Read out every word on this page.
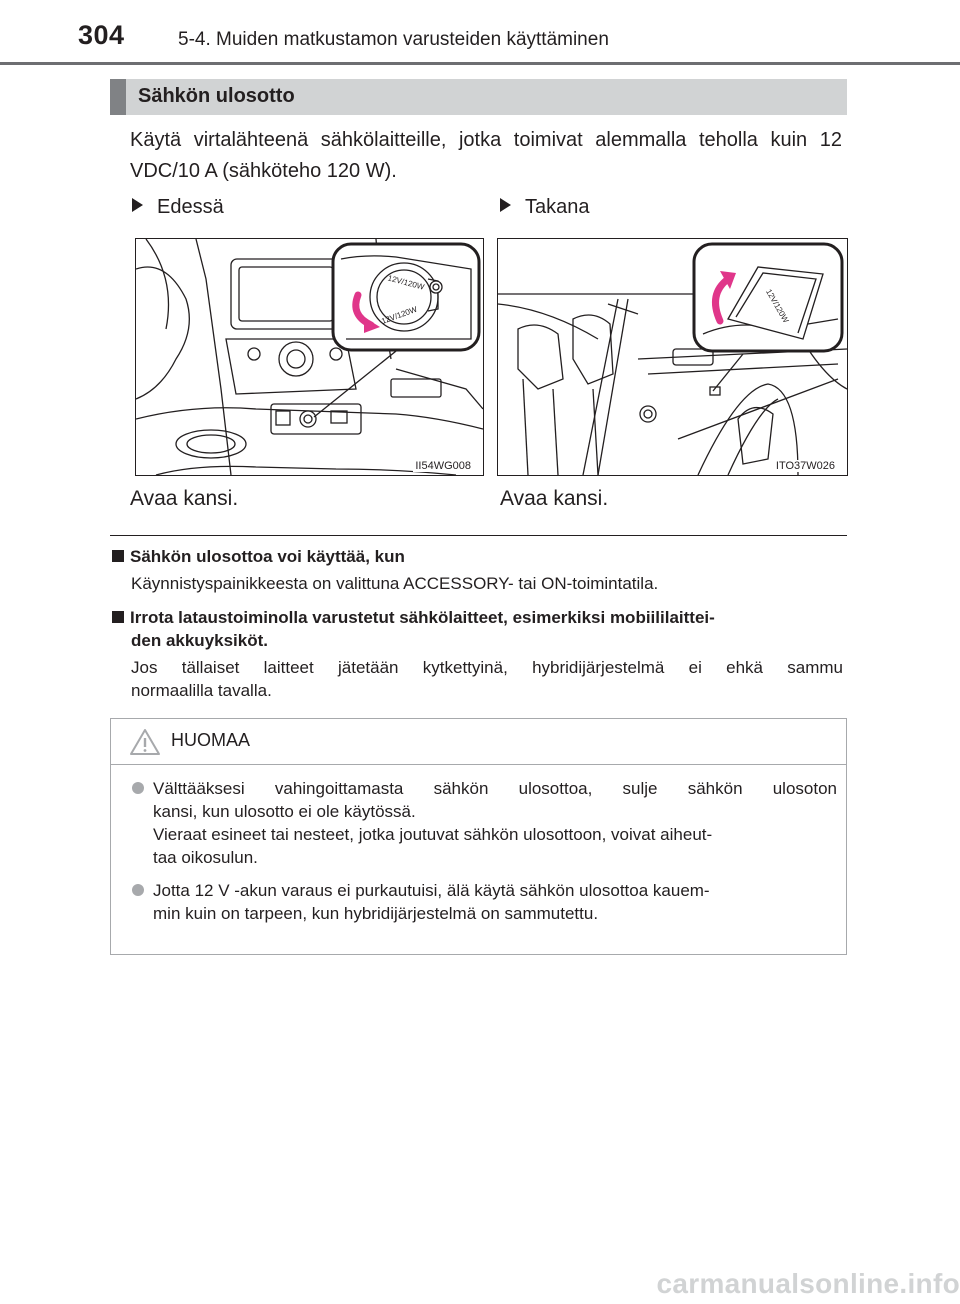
304	5-4. Muiden matkustamon varusteiden käyttäminen
Sähkön ulosotto
Käytä virtalähteenä sähkölaitteille, jotka toimivat alemmalla teholla kuin 12 VDC/10 A (sähköteho 120 W).
Edessä	Takana
12V/120W
12V/120W
II54WG008
12V/120W
ITO37W026
Avaa kansi.	Avaa kansi.
Sähkön ulosottoa voi käyttää, kun
Käynnistyspainikkeesta on valittuna ACCESSORY- tai ON-toimintatila.
Irrota lataustoiminolla varustetut sähkölaitteet, esimerkiksi mobiililaittei-
den akkuyksiköt.
Jos tällaiset laitteet jätetään kytkettyinä, hybridijärjestelmä ei ehkä sammu
normaalilla tavalla.
HUOMAA
Välttääksesi vahingoittamasta sähkön ulosottoa, sulje sähkön ulosoton
kansi, kun ulosotto ei ole käytössä.
Vieraat esineet tai nesteet, jotka joutuvat sähkön ulosottoon, voivat aiheut-
taa oikosulun.
Jotta 12 V -akun varaus ei purkautuisi, älä käytä sähkön ulosottoa kauem-
min kuin on tarpeen, kun hybridijärjestelmä on sammutettu.
carmanualsonline.info
